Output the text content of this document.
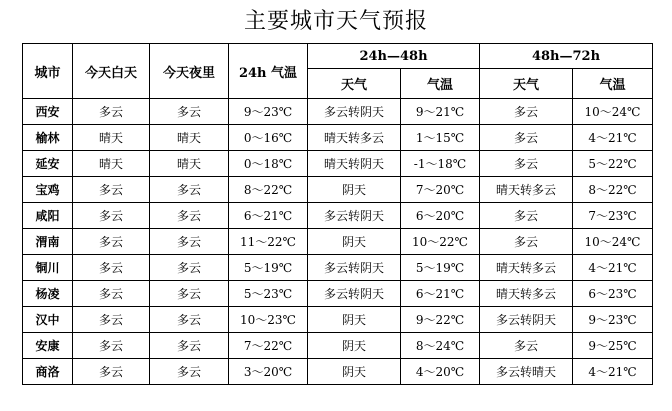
主要城市天气预报
城市	今天白天	今天夜里	24h 气温	24h—48h		48h—72h	
				天气	气温	天气	气温
西安	多云	多云	9～23℃	多云转阴天	9～21℃	多云	10～24℃
榆林	晴天	晴天	0～16℃	晴天转多云	1～15℃	多云	4～21℃
延安	晴天	晴天	0～18℃	晴天转阴天	-1～18℃	多云	5～22℃
宝鸡	多云	多云	8～22℃	阴天	7～20℃	晴天转多云	8～22℃
咸阳	多云	多云	6～21℃	多云转阴天	6～20℃	多云	7～23℃
渭南	多云	多云	11～22℃	阴天	10～22℃	多云	10～24℃
铜川	多云	多云	5～19℃	多云转阴天	5～19℃	晴天转多云	4～21℃
杨凌	多云	多云	5～23℃	多云转阴天	6～21℃	晴天转多云	6～23℃
汉中	多云	多云	10～23℃	阴天	9～22℃	多云转阴天	9～23℃
安康	多云	多云	7～22℃	阴天	8～24℃	多云	9～25℃
商洛	多云	多云	3～20℃	阴天	4～20℃	多云转晴天	4～21℃
